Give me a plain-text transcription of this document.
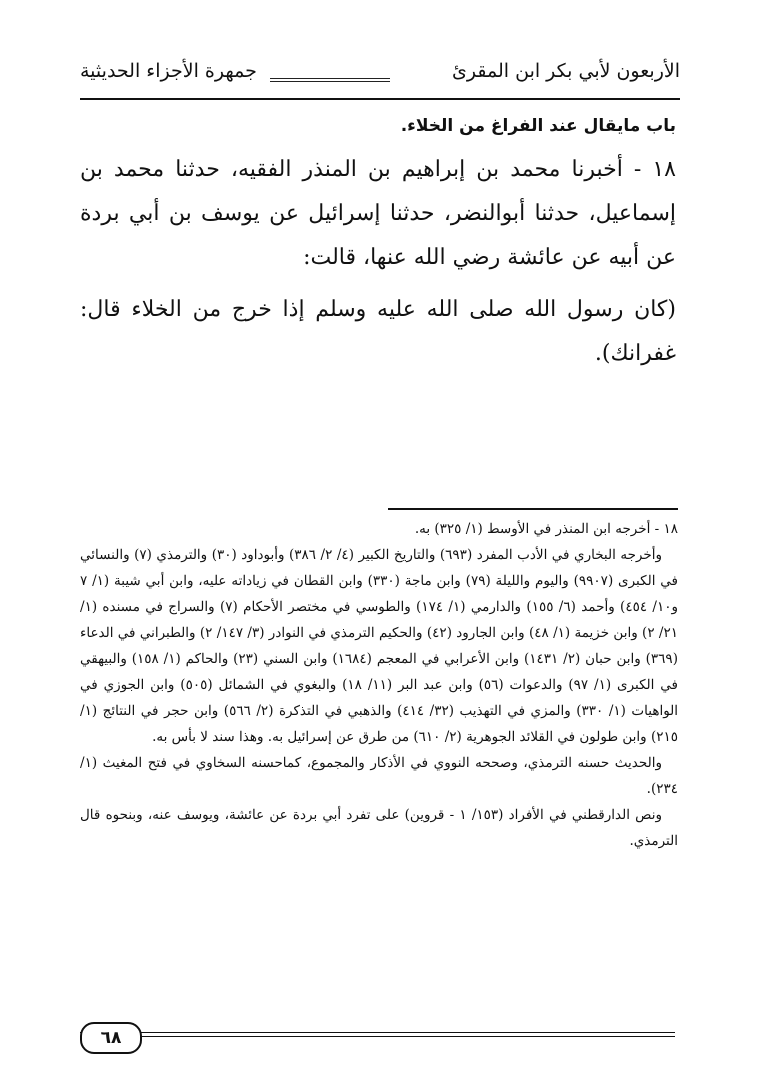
الأربعون لأبي بكر ابن المقرئ
جمهرة الأجزاء الحديثية
باب مايقال عند الفراغ من الخلاء.

١٨ - أخبرنا محمد بن إبراهيم بن المنذر الفقيه، حدثنا محمد بن إسماعيل، حدثنا أبوالنضر، حدثنا إسرائيل عن يوسف بن أبي بردة عن أبيه عن عائشة رضي الله عنها، قالت:

(كان رسول الله صلى الله عليه وسلم إذا خرج من الخلاء قال: غفرانك).

١٨ - أخرجه ابن المنذر في الأوسط (١/ ٣٢٥) به.

وأخرجه البخاري في الأدب المفرد (٦٩٣) والتاريخ الكبير (٤/ ٢/ ٣٨٦) وأبوداود (٣٠) والترمذي (٧) والنسائي في الكبرى (٩٩٠٧) واليوم والليلة (٧٩) وابن ماجة (٣٣٠) وابن القطان في زياداته عليه، وابن أبي شيبة (١/ ٧ و١٠/ ٤٥٤) وأحمد (٦/ ١٥٥) والدارمي (١/ ١٧٤) والطوسي في مختصر الأحكام (٧) والسراج في مسنده (١/ ٢١/ ٢) وابن خزيمة (١/ ٤٨) وابن الجارود (٤٢) والحكيم الترمذي في النوادر (٣/ ١٤٧/ ٢) والطبراني في الدعاء (٣٦٩) وابن حبان (٢/ ١٤٣١) وابن الأعرابي في المعجم (١٦٨٤) وابن السني (٢٣) والحاكم (١/ ١٥٨) والبيهقي في الكبرى (١/ ٩٧) والدعوات (٥٦) وابن عبد البر (١١/ ١٨) والبغوي في الشمائل (٥٠٥) وابن الجوزي في الواهيات (١/ ٣٣٠) والمزي في التهذيب (٣٢/ ٤١٤) والذهبي في التذكرة (٢/ ٥٦٦) وابن حجر في النتائج (١/ ٢١٥) وابن طولون في القلائد الجوهرية (٢/ ٦١٠) من طرق عن إسرائيل به. وهذا سند لا بأس به.

والحديث حسنه الترمذي، وصححه النووي في الأذكار والمجموع، كماحسنه السخاوي في فتح المغيث (١/ ٢٣٤).

ونص الدارقطني في الأفراد (١٥٣/ ١ - قروين) على تفرد أبي بردة عن عائشة، ويوسف عنه، وبنحوه قال الترمذي.

٦٨
